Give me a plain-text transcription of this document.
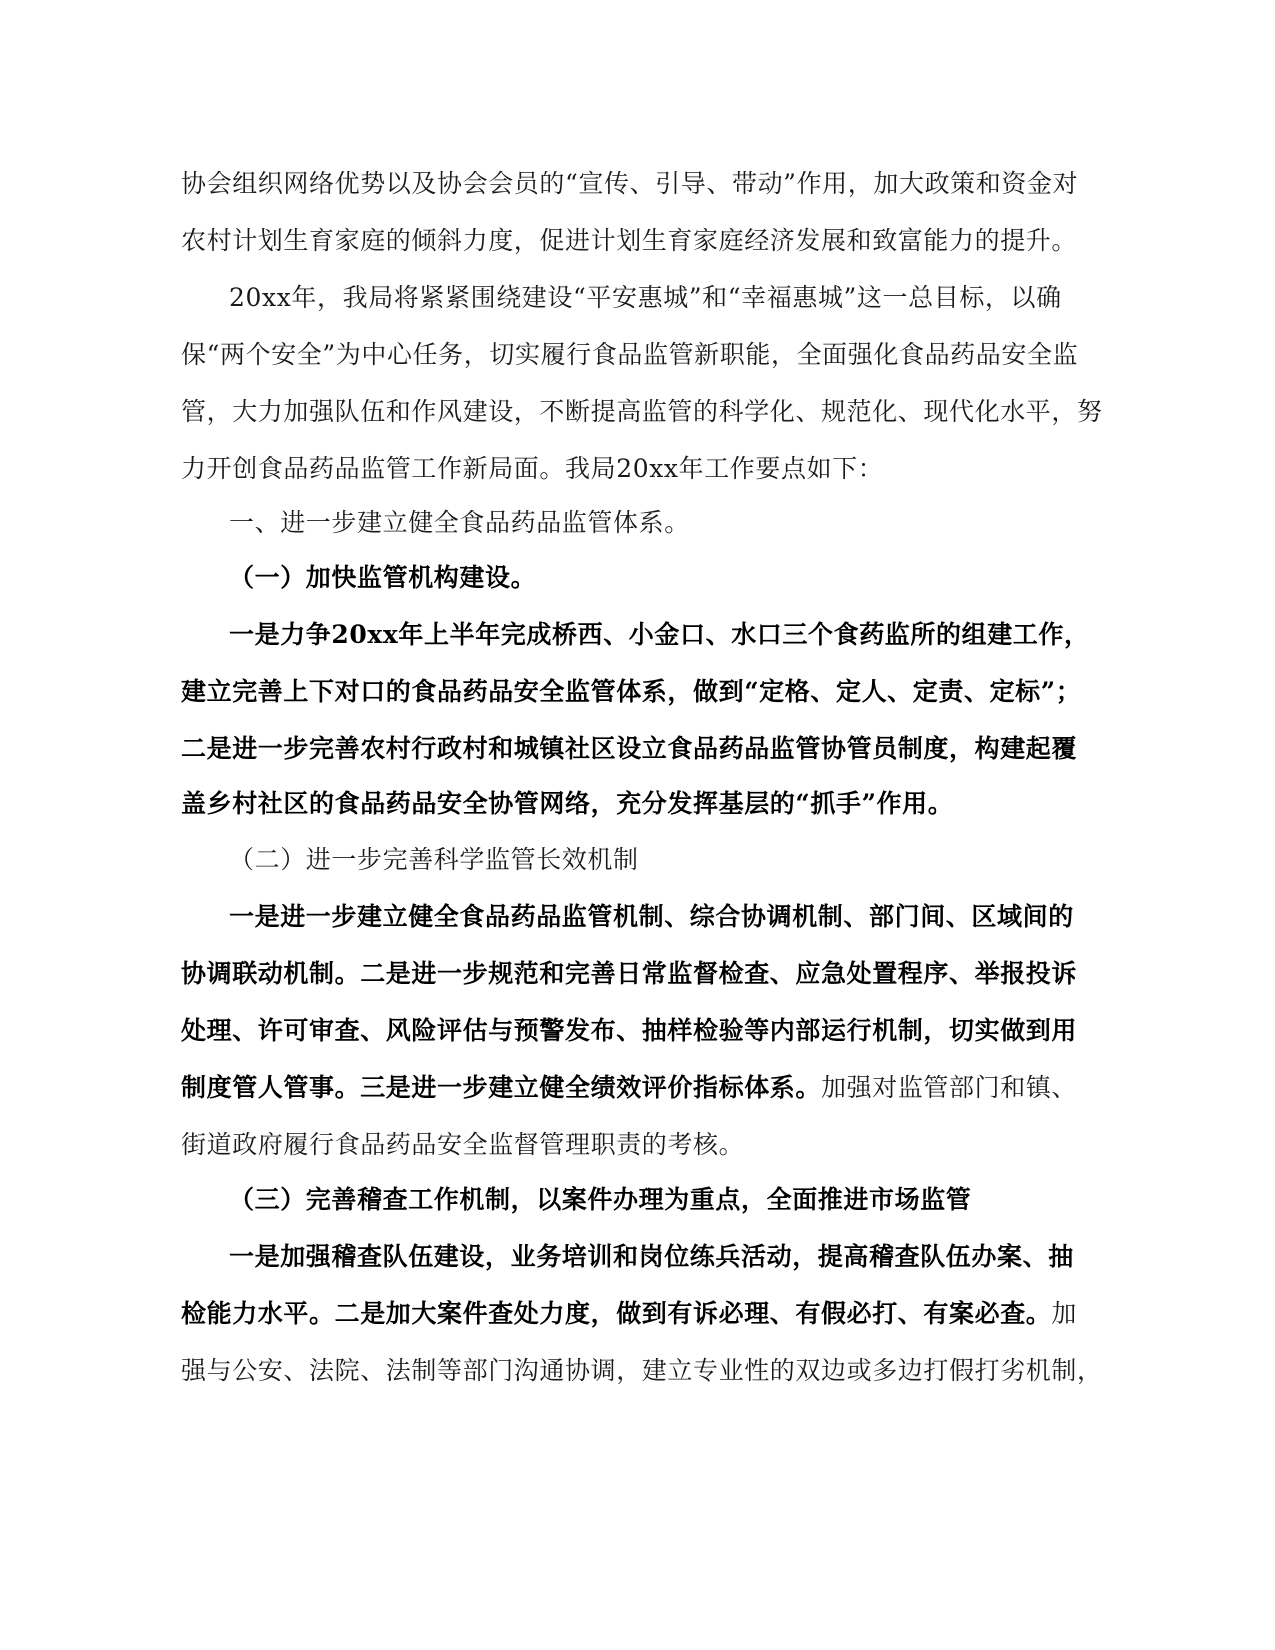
协会组织网络优势以及协会会员的“宣传、引导、带动”作用，加大政策和资金对
农村计划生育家庭的倾斜力度，促进计划生育家庭经济发展和致富能力的提升。
20xx年，我局将紧紧围绕建设“平安惠城”和“幸福惠城”这一总目标，以确
保“两个安全”为中心任务，切实履行食品监管新职能，全面强化食品药品安全监
管，大力加强队伍和作风建设，不断提高监管的科学化、规范化、现代化水平，努
力开创食品药品监管工作新局面。我局20xx年工作要点如下：
一、进一步建立健全食品药品监管体系。
（一）加快监管机构建设。
一是力争20xx年上半年完成桥西、小金口、水口三个食药监所的组建工作，
建立完善上下对口的食品药品安全监管体系，做到“定格、定人、定责、定标”；
二是进一步完善农村行政村和城镇社区设立食品药品监管协管员制度，构建起覆
盖乡村社区的食品药品安全协管网络，充分发挥基层的“抓手”作用。
（二）进一步完善科学监管长效机制
一是进一步建立健全食品药品监管机制、综合协调机制、部门间、区域间的
协调联动机制。二是进一步规范和完善日常监督检查、应急处置程序、举报投诉
处理、许可审查、风险评估与预警发布、抽样检验等内部运行机制，切实做到用
制度管人管事。三是进一步建立健全绩效评价指标体系。加强对监管部门和镇、
街道政府履行食品药品安全监督管理职责的考核。
（三）完善稽查工作机制，以案件办理为重点，全面推进市场监管
一是加强稽查队伍建设，业务培训和岗位练兵活动，提高稽查队伍办案、抽
检能力水平。二是加大案件查处力度，做到有诉必理、有假必打、有案必查。加
强与公安、法院、法制等部门沟通协调，建立专业性的双边或多边打假打劣机制，
